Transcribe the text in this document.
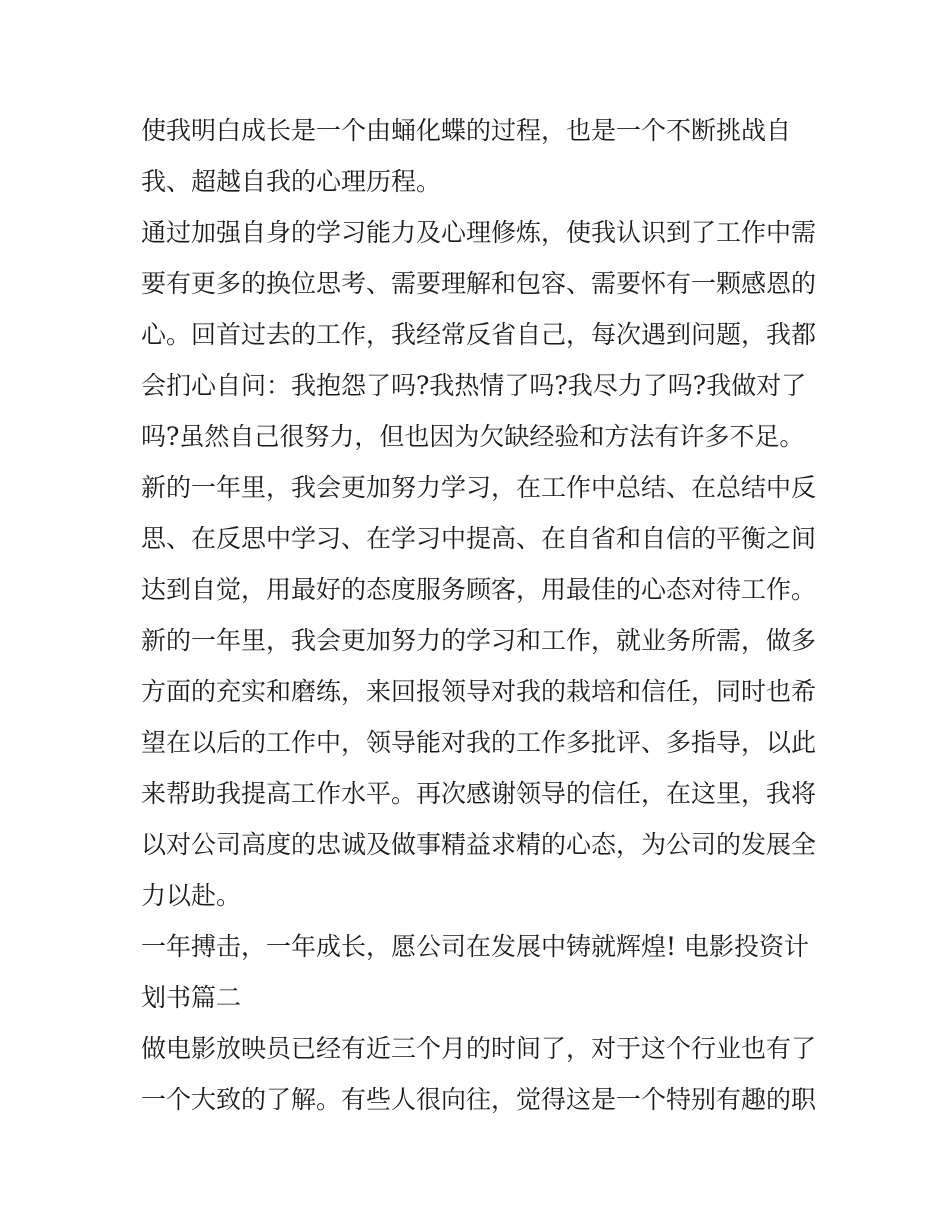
使我明白成长是一个由蛹化蝶的过程，也是一个不断挑战自
我、超越自我的心理历程。
通过加强自身的学习能力及心理修炼，使我认识到了工作中需
要有更多的换位思考、需要理解和包容、需要怀有一颗感恩的
心。回首过去的工作，我经常反省自己，每次遇到问题，我都
会扪心自问：我抱怨了吗?我热情了吗?我尽力了吗?我做对了
吗?虽然自己很努力，但也因为欠缺经验和方法有许多不足。
新的一年里，我会更加努力学习，在工作中总结、在总结中反
思、在反思中学习、在学习中提高、在自省和自信的平衡之间
达到自觉，用最好的态度服务顾客，用最佳的心态对待工作。
新的一年里，我会更加努力的学习和工作，就业务所需，做多
方面的充实和磨练，来回报领导对我的栽培和信任，同时也希
望在以后的工作中，领导能对我的工作多批评、多指导，以此
来帮助我提高工作水平。再次感谢领导的信任，在这里，我将
以对公司高度的忠诚及做事精益求精的心态，为公司的发展全
力以赴。
一年搏击，一年成长，愿公司在发展中铸就辉煌! 电影投资计
划书篇二
做电影放映员已经有近三个月的时间了，对于这个行业也有了
一个大致的了解。有些人很向往，觉得这是一个特别有趣的职
